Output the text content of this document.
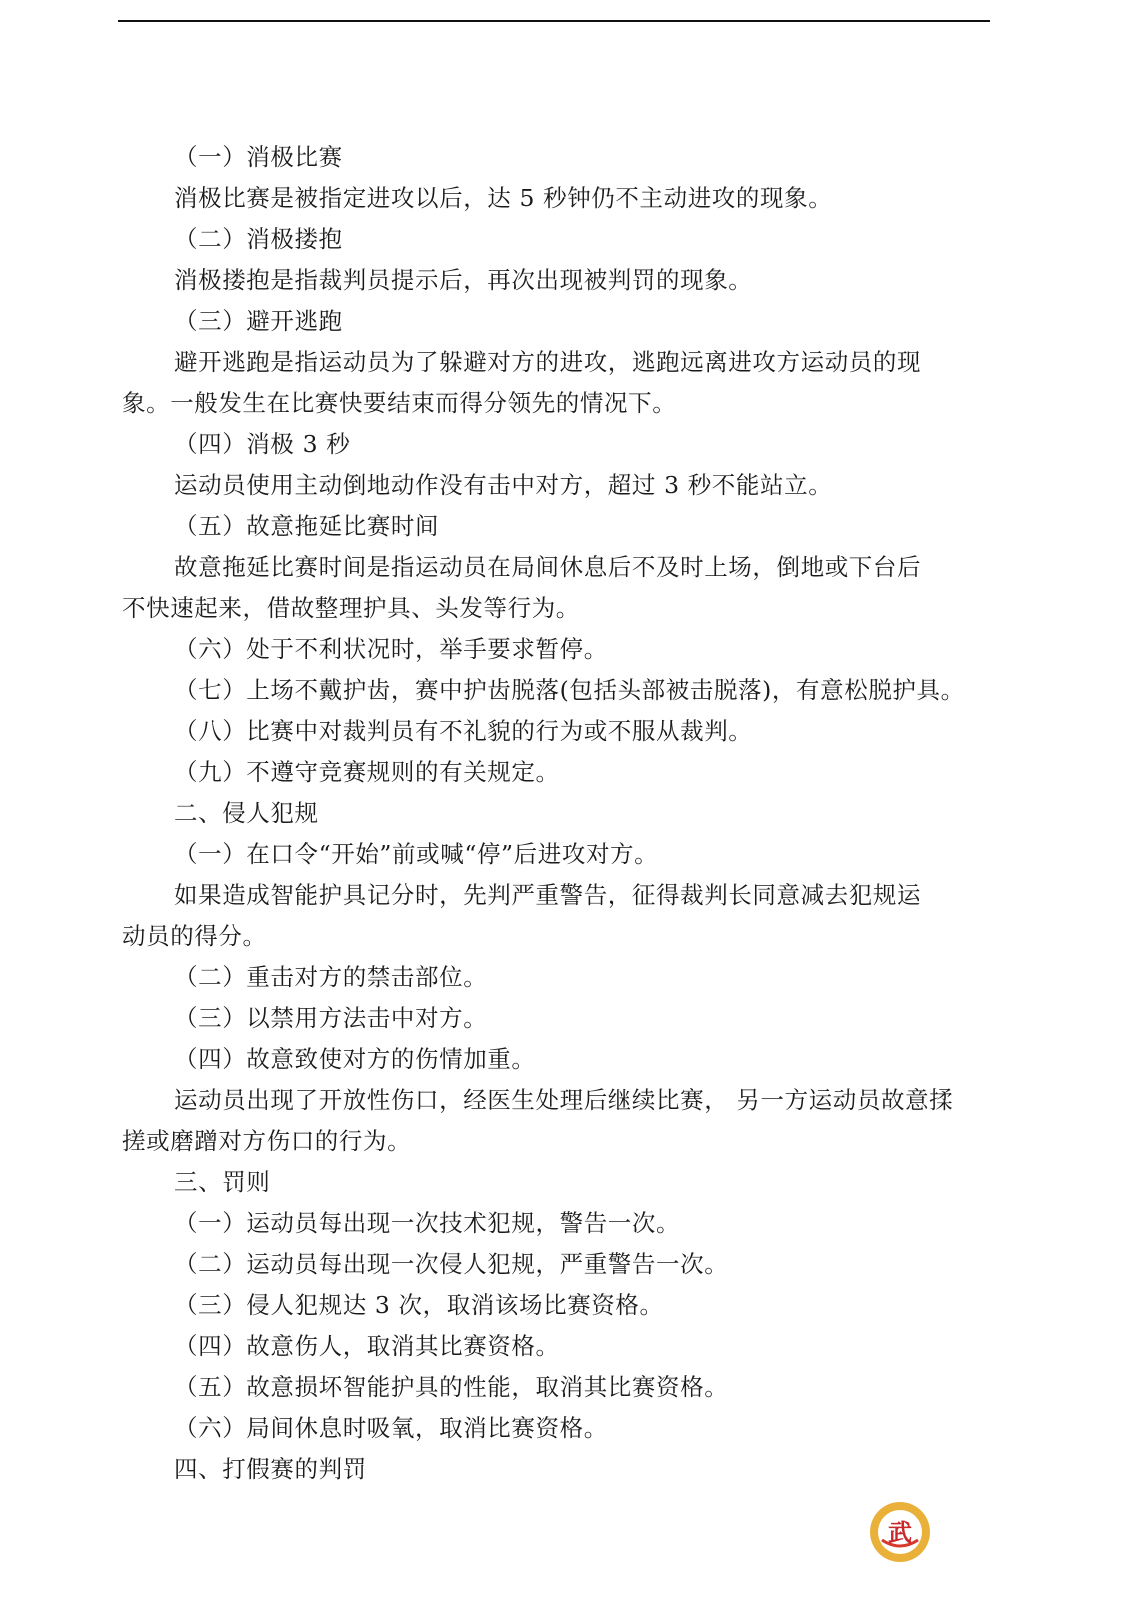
（一）消极比赛

消极比赛是被指定进攻以后，达 5 秒钟仍不主动进攻的现象。

（二）消极搂抱

消极搂抱是指裁判员提示后，再次出现被判罚的现象。

（三）避开逃跑

避开逃跑是指运动员为了躲避对方的进攻，逃跑远离进攻方运动员的现

象。一般发生在比赛快要结束而得分领先的情况下。

（四）消极 3 秒

运动员使用主动倒地动作没有击中对方，超过 3 秒不能站立。

（五）故意拖延比赛时间

故意拖延比赛时间是指运动员在局间休息后不及时上场，倒地或下台后

不快速起来，借故整理护具、头发等行为。

（六）处于不利状况时，举手要求暂停。

（七）上场不戴护齿，赛中护齿脱落(包括头部被击脱落)，有意松脱护具。

（八）比赛中对裁判员有不礼貌的行为或不服从裁判。

（九）不遵守竞赛规则的有关规定。

二、侵人犯规

（一）在口令“开始”前或喊“停”后进攻对方。

如果造成智能护具记分时，先判严重警告，征得裁判长同意减去犯规运

动员的得分。

（二）重击对方的禁击部位。

（三）以禁用方法击中对方。

（四）故意致使对方的伤情加重。

运动员出现了开放性伤口，经医生处理后继续比赛， 另一方运动员故意揉

搓或磨蹭对方伤口的行为。

三、罚则

（一）运动员每出现一次技术犯规，警告一次。

（二）运动员每出现一次侵人犯规，严重警告一次。

（三）侵人犯规达 3 次，取消该场比赛资格。

（四）故意伤人，取消其比赛资格。

（五）故意损坏智能护具的性能，取消其比赛资格。

（六）局间休息时吸氧，取消比赛资格。

四、打假赛的判罚

武
